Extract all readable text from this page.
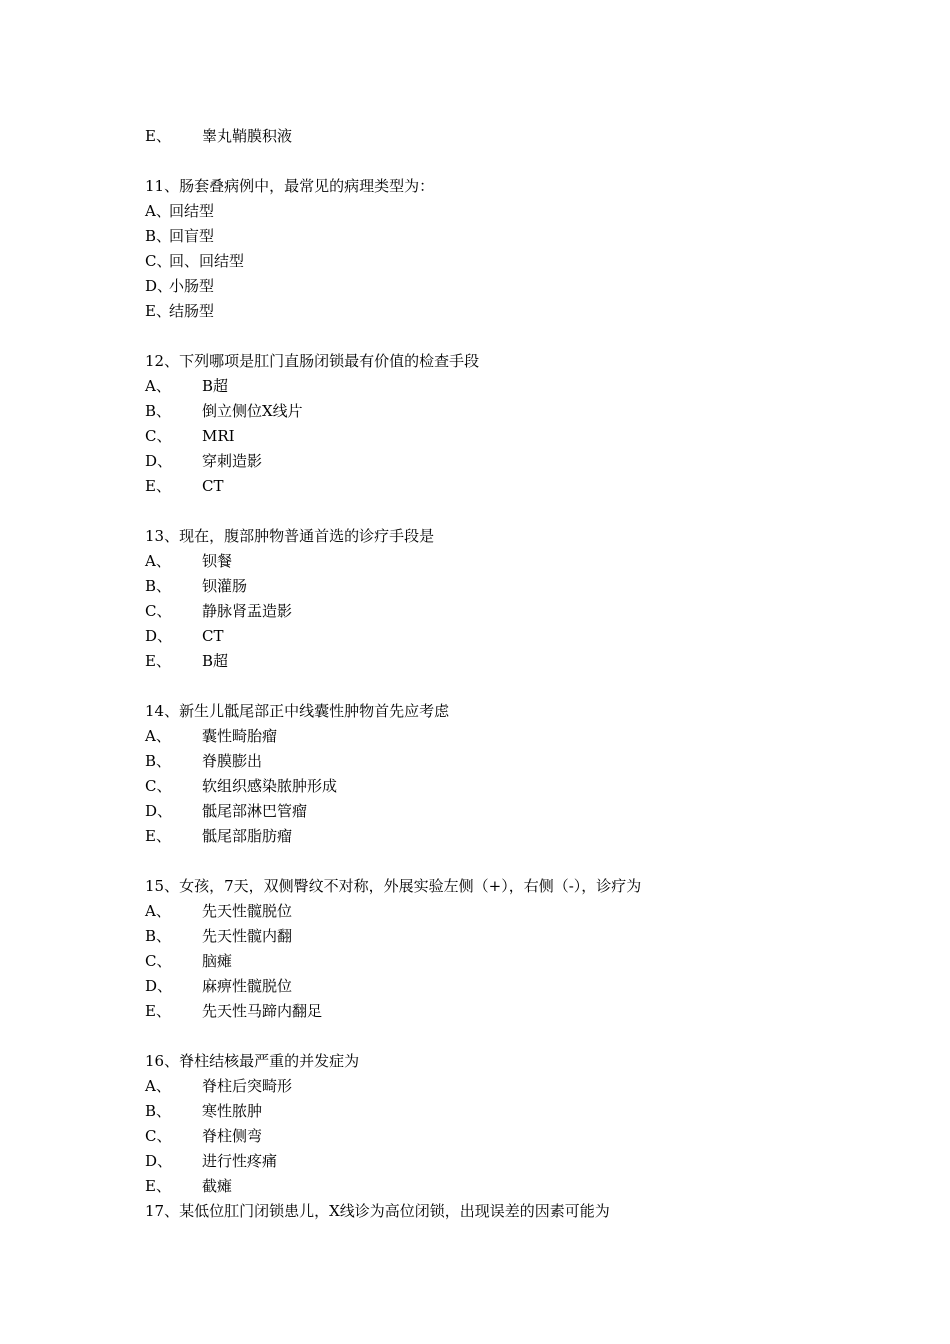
E、 睾丸鞘膜积液
11、肠套叠病例中，最常见的病理类型为：
A、回结型
B、回盲型
C、回、回结型
D、小肠型
E、结肠型
12、下列哪项是肛门直肠闭锁最有价值的检查手段
A、 B超
B、 倒立侧位X线片
C、 MRI
D、 穿刺造影
E、 CT
13、现在，腹部肿物普通首选的诊疗手段是
A、 钡餐
B、 钡灌肠
C、 静脉肾盂造影
D、 CT
E、 B超
14、新生儿骶尾部正中线囊性肿物首先应考虑
A、 囊性畸胎瘤
B、 脊膜膨出
C、 软组织感染脓肿形成
D、 骶尾部淋巴管瘤
E、 骶尾部脂肪瘤
15、女孩，7天，双侧臀纹不对称，外展实验左侧（+），右侧（-），诊疗为
A、 先天性髋脱位
B、 先天性髋内翻
C、 脑瘫
D、 麻痹性髋脱位
E、 先天性马蹄内翻足
16、脊柱结核最严重的并发症为
A、 脊柱后突畸形
B、 寒性脓肿
C、 脊柱侧弯
D、 进行性疼痛
E、 截瘫
17、某低位肛门闭锁患儿，X线诊为高位闭锁，出现误差的因素可能为
